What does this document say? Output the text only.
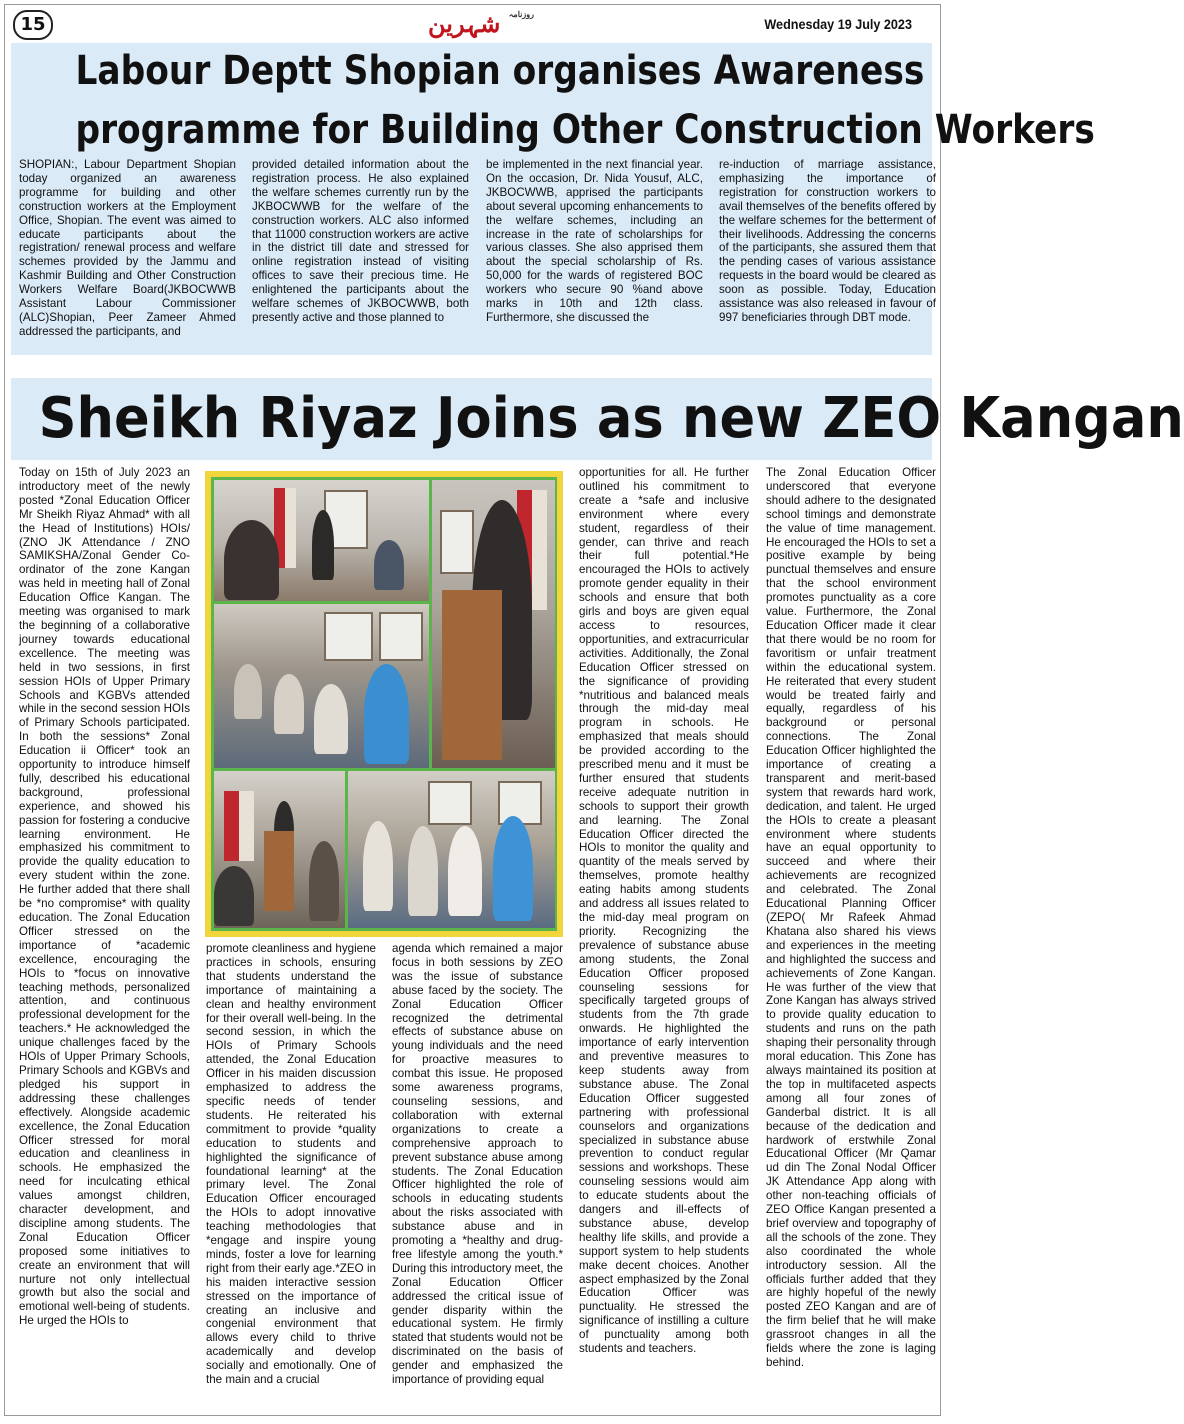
15	$^{روزنامہ}$ شہرین	Wednesday 19 July 2023
Labour Deptt Shopian organises Awareness
programme for Building Other Construction Workers

SHOPIAN:, Labour Department Shopian today organized an awareness programme for building and other construction workers at the Employment Office, Shopian. The event was aimed to educate participants about the registration/ renewal process and welfare schemes provided by the Jammu and Kashmir Building and Other Construction Workers Welfare Board(JKBOCWWB Assistant Labour Commissioner (ALC)Shopian, Peer Zameer Ahmed addressed the participants, and

provided detailed information about the registration process. He also explained the welfare schemes currently run by the JKBOCWWB for the welfare of the construction workers. ALC also informed that 11000 construction workers are active in the district till date and stressed for online registration instead of visiting offices to save their precious time. He enlightened the participants about the welfare schemes of JKBOCWWB, both presently active and those planned to

be implemented in the next financial year. On the occasion, Dr. Nida Yousuf, ALC, JKBOCWWB, apprised the participants about several upcoming enhancements to the welfare schemes, including an increase in the rate of scholarships for various classes. She also apprised them about the special scholarship of Rs. 50,000 for the wards of registered BOC workers who secure 90 %and above marks in 10th and 12th class. Furthermore, she discussed the

re-induction of marriage assistance, emphasizing the importance of registration for construction workers to avail themselves of the benefits offered by the welfare schemes for the betterment of their livelihoods. Addressing the concerns of the participants, she assured them that the pending cases of various assistance requests in the board would be cleared as soon as possible. Today, Education assistance was also released in favour of 997 beneficiaries through DBT mode.

Sheikh Riyaz Joins as new ZEO Kangan

Today on 15th of July 2023 an introductory meet of the newly posted *Zonal Education Officer Mr Sheikh Riyaz Ahmad* with all the Head of Institutions) HOIs/ (ZNO JK Attendance / ZNO SAMIKSHA/Zonal Gender Co-ordinator of the zone Kangan was held in meeting hall of Zonal Education Office Kangan. The meeting was organised to mark the beginning of a collaborative journey towards educational excellence. The meeting was held in two sessions, in first session HOIs of Upper Primary Schools and KGBVs attended while in the second session HOIs of Primary Schools participated. In both the sessions* Zonal Education ii Officer* took an opportunity to introduce himself fully, described his educational background, professional experience, and showed his passion for fostering a conducive learning environment. He emphasized his commitment to provide the quality education to every student within the zone. He further added that there shall be *no compromise* with quality education. The Zonal Education Officer stressed on the importance of *academic excellence, encouraging the HOIs to *focus on innovative teaching methods, personalized attention, and continuous professional development for the teachers.* He acknowledged the unique challenges faced by the HOIs of Upper Primary Schools, Primary Schools and KGBVs and pledged his support in addressing these challenges effectively. Alongside academic excellence, the Zonal Education Officer stressed for moral education and cleanliness in schools. He emphasized the need for inculcating ethical values amongst children, character development, and discipline among students. The Zonal Education Officer proposed some initiatives to create an environment that will nurture not only intellectual growth but also the social and emotional well-being of students. He urged the HOIs to

promote cleanliness and hygiene practices in schools, ensuring that students understand the importance of maintaining a clean and healthy environment for their overall well-being. In the second session, in which the HOIs of Primary Schools attended, the Zonal Education Officer in his maiden discussion emphasized to address the specific needs of tender students. He reiterated his commitment to provide *quality education to students and highlighted the significance of foundational learning* at the primary level. The Zonal Education Officer encouraged the HOIs to adopt innovative teaching methodologies that *engage and inspire young minds, foster a love for learning right from their early age.*ZEO in his maiden interactive session stressed on the importance of creating an inclusive and congenial environment that allows every child to thrive academically and develop socially and emotionally. One of the main and a crucial

agenda which remained a major focus in both sessions by ZEO was the issue of substance abuse faced by the society. The Zonal Education Officer recognized the detrimental effects of substance abuse on young individuals and the need for proactive measures to combat this issue. He proposed some awareness programs, counseling sessions, and collaboration with external organizations to create a comprehensive approach to prevent substance abuse among students. The Zonal Education Officer highlighted the role of schools in educating students about the risks associated with substance abuse and in promoting a *healthy and drug-free lifestyle among the youth.* During this introductory meet, the Zonal Education Officer addressed the critical issue of gender disparity within the educational system. He firmly stated that students would not be discriminated on the basis of gender and emphasized the importance of providing equal

opportunities for all. He further outlined his commitment to create a *safe and inclusive environment where every student, regardless of their gender, can thrive and reach their full potential.*He encouraged the HOIs to actively promote gender equality in their schools and ensure that both girls and boys are given equal access to resources, opportunities, and extracurricular activities. Additionally, the Zonal Education Officer stressed on the significance of providing *nutritious and balanced meals through the mid-day meal program in schools. He emphasized that meals should be provided according to the prescribed menu and it must be further ensured that students receive adequate nutrition in schools to support their growth and learning. The Zonal Education Officer directed the HOIs to monitor the quality and quantity of the meals served by themselves, promote healthy eating habits among students and address all issues related to the mid-day meal program on priority. Recognizing the prevalence of substance abuse among students, the Zonal Education Officer proposed counseling sessions for specifically targeted groups of students from the 7th grade onwards. He highlighted the importance of early intervention and preventive measures to keep students away from substance abuse. The Zonal Education Officer suggested partnering with professional counselors and organizations specialized in substance abuse prevention to conduct regular sessions and workshops. These counseling sessions would aim to educate students about the dangers and ill-effects of substance abuse, develop healthy life skills, and provide a support system to help students make decent choices. Another aspect emphasized by the Zonal Education Officer was punctuality. He stressed the significance of instilling a culture of punctuality among both students and teachers.

The Zonal Education Officer underscored that everyone should adhere to the designated school timings and demonstrate the value of time management. He encouraged the HOIs to set a positive example by being punctual themselves and ensure that the school environment promotes punctuality as a core value. Furthermore, the Zonal Education Officer made it clear that there would be no room for favoritism or unfair treatment within the educational system. He reiterated that every student would be treated fairly and equally, regardless of his background or personal connections. The Zonal Education Officer highlighted the importance of creating a transparent and merit-based system that rewards hard work, dedication, and talent. He urged the HOIs to create a pleasant environment where students have an equal opportunity to succeed and where their achievements are recognized and celebrated. The Zonal Educational Planning Officer (ZEPO( Mr Rafeek Ahmad Khatana also shared his views and experiences in the meeting and highlighted the success and achievements of Zone Kangan. He was further of the view that Zone Kangan has always strived to provide quality education to students and runs on the path shaping their personality through moral education. This Zone has always maintained its position at the top in multifaceted aspects among all four zones of Ganderbal district. It is all because of the dedication and hardwork of erstwhile Zonal Educational Officer (Mr Qamar ud din The Zonal Nodal Officer JK Attendance App along with other non-teaching officials of ZEO Office Kangan presented a brief overview and topography of all the schools of the zone. They also coordinated the whole introductory session. All the officials further added that they are highly hopeful of the newly posted ZEO Kangan and are of the firm belief that he will make grassroot changes in all the fields where the zone is laging behind.
